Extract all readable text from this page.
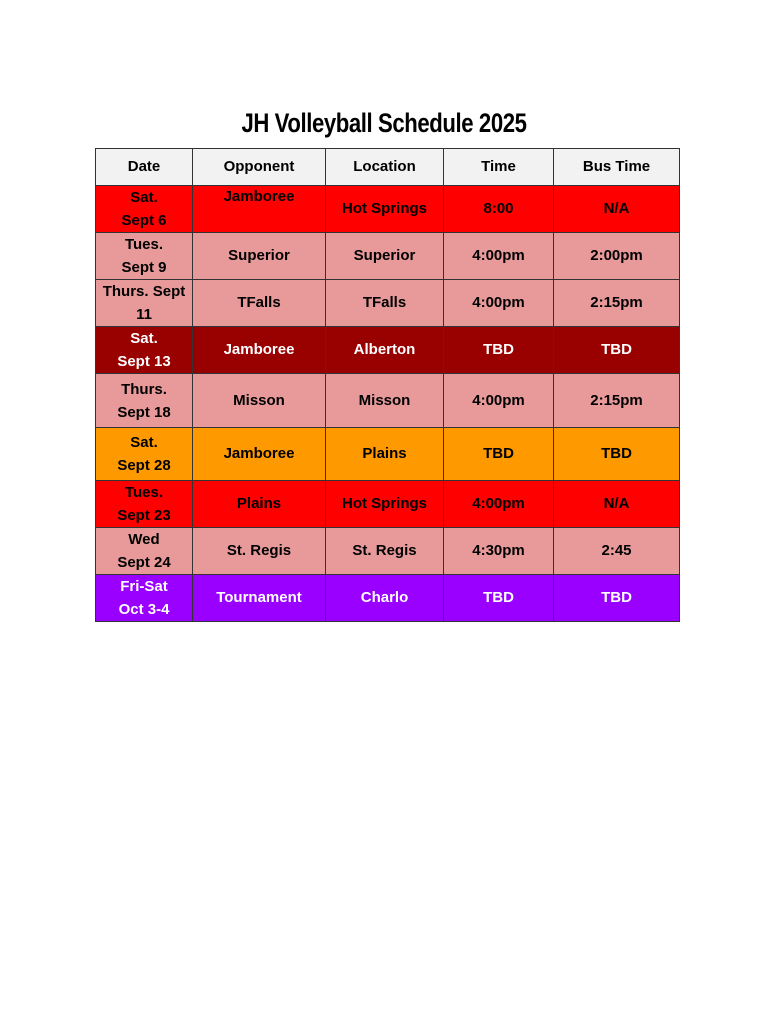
JH Volleyball Schedule 2025
Date	Opponent	Location	Time	Bus Time

Sat.
Sept 6	Jamboree	Hot Springs	8:00	N/A

Tues.
Sept 9	Superior	Superior	4:00pm	2:00pm

Thurs. Sept
11	TFalls	TFalls	4:00pm	2:15pm

Sat.
Sept 13	Jamboree	Alberton	TBD	TBD

Thurs.
Sept 18	Misson	Misson	4:00pm	2:15pm

Sat.
Sept 28	Jamboree	Plains	TBD	TBD

Tues.
Sept 23	Plains	Hot Springs	4:00pm	N/A

Wed
Sept 24	St. Regis	St. Regis	4:30pm	2:45

Fri-Sat
Oct 3-4	Tournament	Charlo	TBD	TBD
